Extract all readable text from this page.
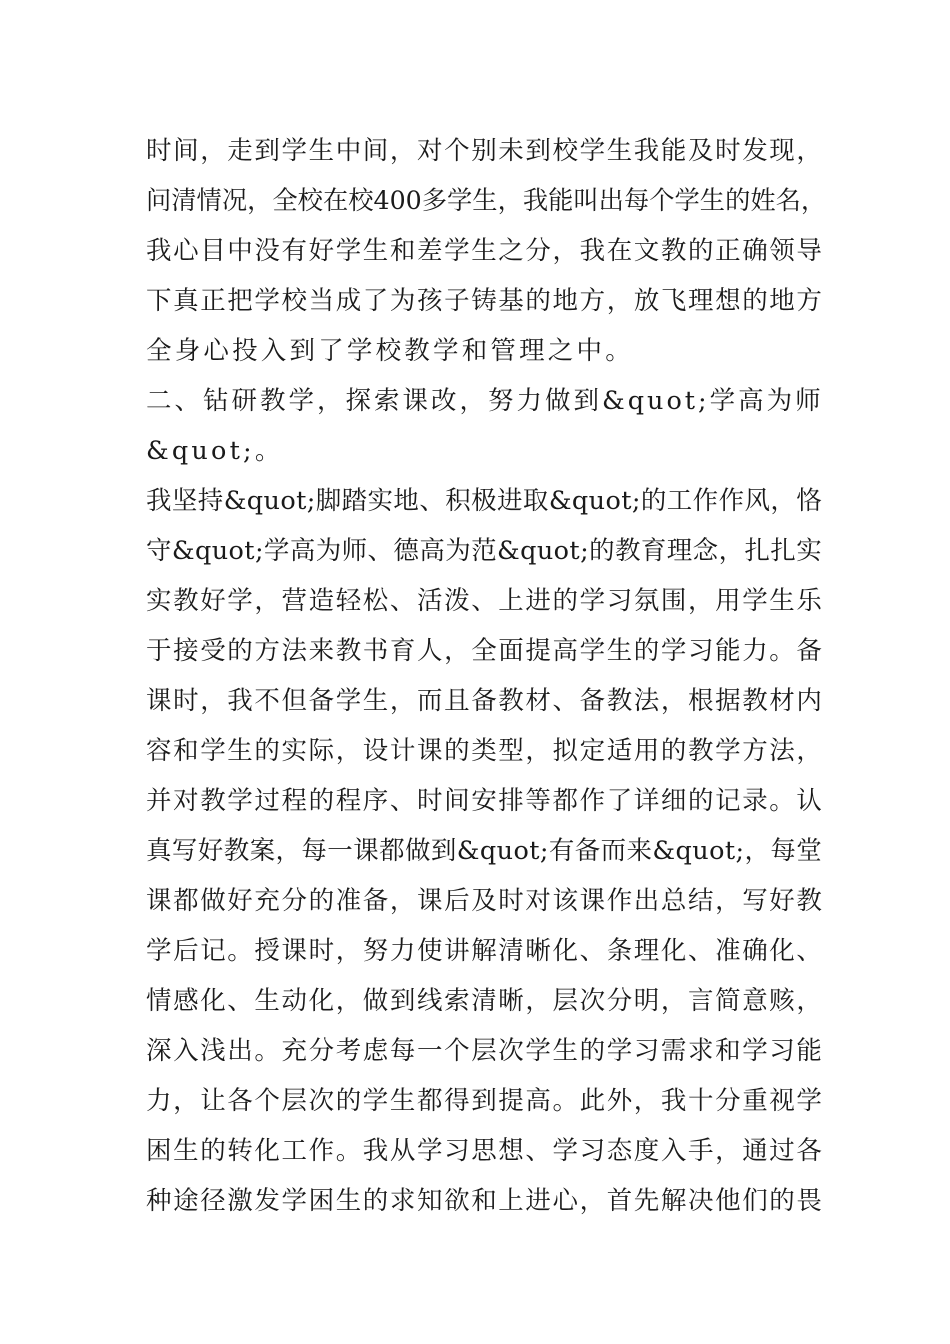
时间，走到学生中间，对个别未到校学生我能及时发现，
问清情况，全校在校400多学生，我能叫出每个学生的姓名，
我心目中没有好学生和差学生之分，我在文教的正确领导
下真正把学校当成了为孩子铸基的地方，放飞理想的地方
全身心投入到了学校教学和管理之中。
二、钻研教学，探索课改，努力做到&quot;学高为师
&quot;。
我坚持&quot;脚踏实地、积极进取&quot;的工作作风，恪
守&quot;学高为师、德高为范&quot;的教育理念，扎扎实
实教好学，营造轻松、活泼、上进的学习氛围，用学生乐
于接受的方法来教书育人，全面提高学生的学习能力。备
课时，我不但备学生，而且备教材、备教法，根据教材内
容和学生的实际，设计课的类型，拟定适用的教学方法，
并对教学过程的程序、时间安排等都作了详细的记录。认
真写好教案，每一课都做到&quot;有备而来&quot;，每堂
课都做好充分的准备，课后及时对该课作出总结，写好教
学后记。授课时，努力使讲解清晰化、条理化、准确化、
情感化、生动化，做到线索清晰，层次分明，言简意赅，
深入浅出。充分考虑每一个层次学生的学习需求和学习能
力，让各个层次的学生都得到提高。此外，我十分重视学
困生的转化工作。我从学习思想、学习态度入手，通过各
种途径激发学困生的求知欲和上进心，首先解决他们的畏
